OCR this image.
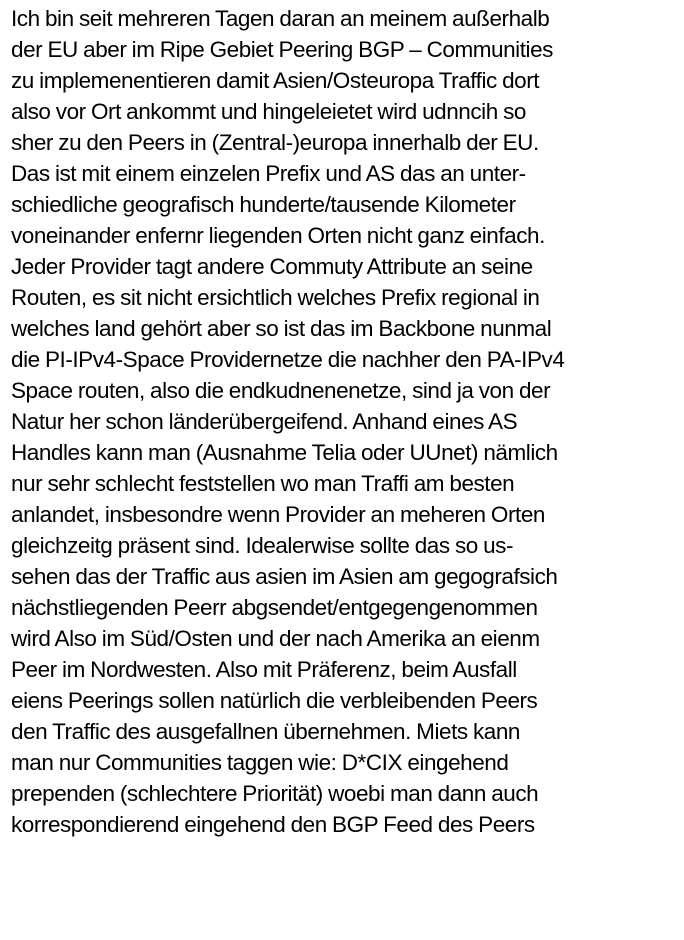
Ich bin seit mehreren Tagen daran an meinem außerhalb
der EU aber im Ripe Gebiet Peering BGP – Communities
zu implemenentieren damit Asien/Osteuropa Traffic dort
also vor Ort ankommt und hingeleietet wird udnncih so
sher zu den Peers in (Zentral-)europa innerhalb der EU.
Das ist mit einem einzelen Prefix und AS das an unter-
schiedliche geografisch hunderte/tausende Kilometer
voneinander enfernr liegenden Orten nicht ganz einfach.
Jeder Provider tagt andere Commuty Attribute an seine
Routen, es sit nicht ersichtlich welches Prefix regional in
welches land gehört aber so ist das im Backbone nunmal
die PI-IPv4-Space Providernetze die nachher den PA-IPv4
Space routen, also die endkudnenenetze, sind ja von der
Natur her schon länderübergeifend. Anhand eines AS
Handles kann man (Ausnahme Telia oder UUnet) nämlich
nur sehr schlecht feststellen wo man Traffi am besten
anlandet, insbesondre wenn Provider an meheren Orten
gleichzeitg präsent sind. Idealerwise sollte das so us-
sehen das der Traffic aus asien im Asien am gegografsich
nächstliegenden Peerr abgsendet/entgegengenommen
wird Also im Süd/Osten und der nach Amerika an eienm
Peer im Nordwesten. Also mit Präferenz, beim Ausfall
eiens Peerings sollen natürlich die verbleibenden Peers
den Traffic des ausgefallnen übernehmen. Miets kann
man nur Communities taggen wie: D*CIX eingehend
prependen (schlechtere Priorität) woebi man dann auch
korrespondierend eingehend den BGP Feed des Peers
